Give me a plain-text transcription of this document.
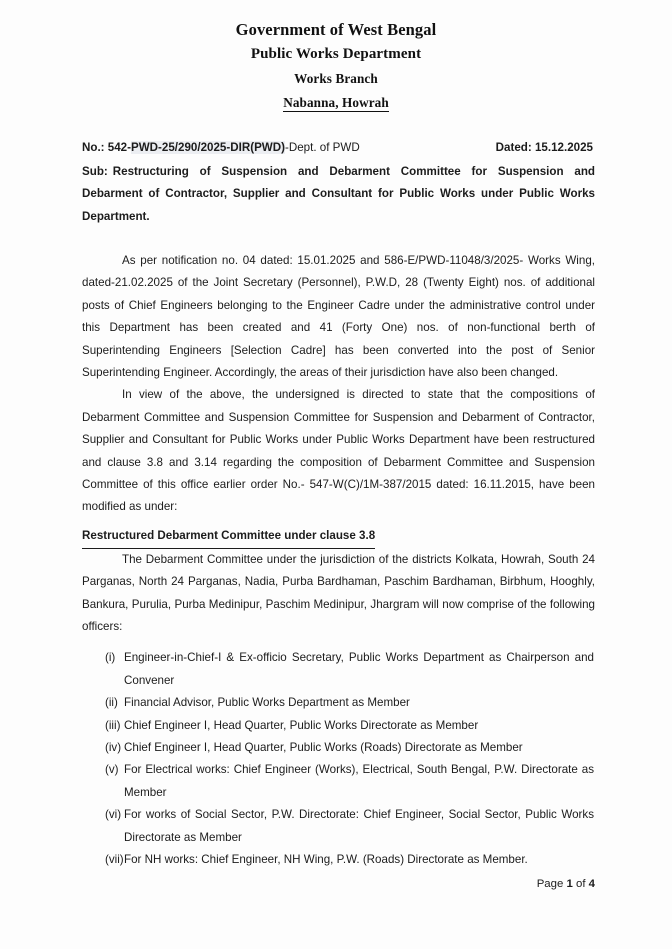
Government of West Bengal
Public Works Department
Works Branch
Nabanna, Howrah
No.: 542-PWD-25/290/2025-DIR(PWD)-Dept. of PWD	Dated: 15.12.2025
Sub: Restructuring of Suspension and Debarment Committee for Suspension and Debarment of Contractor, Supplier and Consultant for Public Works under Public Works Department.

As per notification no. 04 dated: 15.01.2025 and 586-E/PWD-11048/3/2025- Works Wing, dated-21.02.2025 of the Joint Secretary (Personnel), P.W.D, 28 (Twenty Eight) nos. of additional posts of Chief Engineers belonging to the Engineer Cadre under the administrative control under this Department has been created and 41 (Forty One) nos. of non-functional berth of Superintending Engineers [Selection Cadre] has been converted into the post of Senior Superintending Engineer. Accordingly, the areas of their jurisdiction have also been changed.

In view of the above, the undersigned is directed to state that the compositions of Debarment Committee and Suspension Committee for Suspension and Debarment of Contractor, Supplier and Consultant for Public Works under Public Works Department have been restructured and clause 3.8 and 3.14 regarding the composition of Debarment Committee and Suspension Committee of this office earlier order No.- 547-W(C)/1M-387/2015 dated: 16.11.2015, have been modified as under:

Restructured Debarment Committee under clause 3.8

The Debarment Committee under the jurisdiction of the districts Kolkata, Howrah, South 24 Parganas, North 24 Parganas, Nadia, Purba Bardhaman, Paschim Bardhaman, Birbhum, Hooghly, Bankura, Purulia, Purba Medinipur, Paschim Medinipur, Jhargram will now comprise of the following officers:

(i) Engineer-in-Chief-I & Ex-officio Secretary, Public Works Department as Chairperson and Convener
(ii) Financial Advisor, Public Works Department as Member
(iii) Chief Engineer I, Head Quarter, Public Works Directorate as Member
(iv) Chief Engineer I, Head Quarter, Public Works (Roads) Directorate as Member
(v) For Electrical works: Chief Engineer (Works), Electrical, South Bengal, P.W. Directorate as Member
(vi) For works of Social Sector, P.W. Directorate: Chief Engineer, Social Sector, Public Works Directorate as Member
(vii) For NH works: Chief Engineer, NH Wing, P.W. (Roads) Directorate as Member.
Page 1 of 4
